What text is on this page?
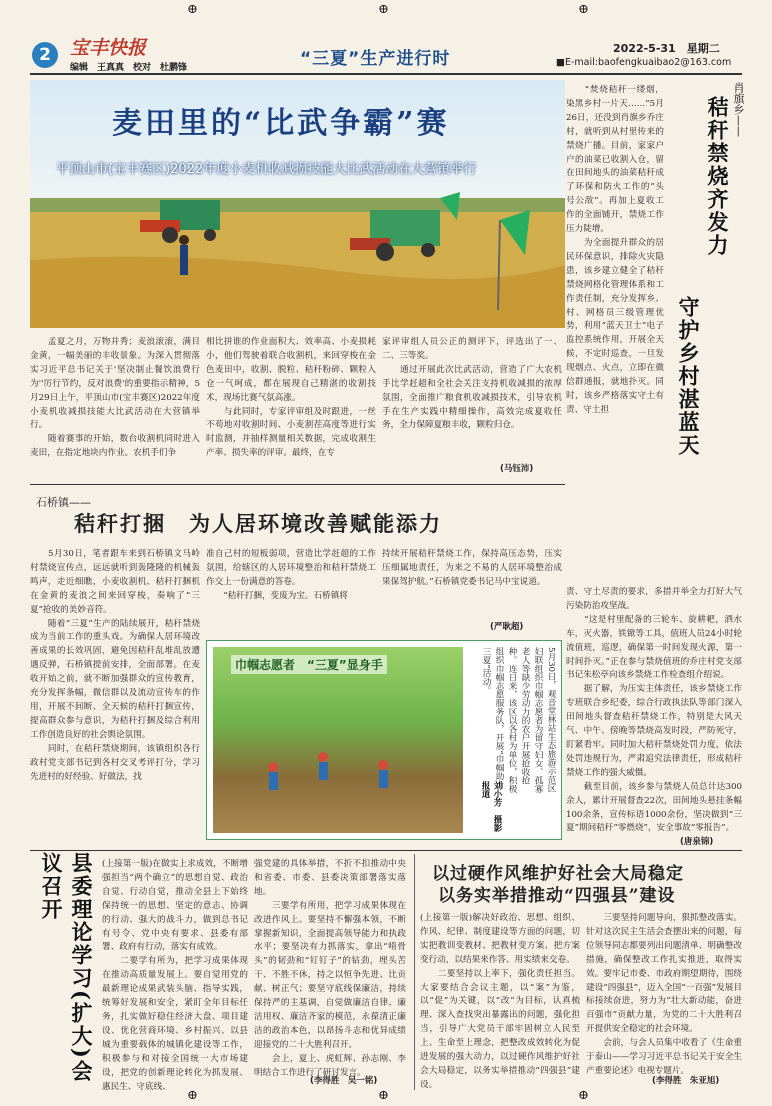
⊕	⊕	⊕
⊕	⊕	⊕
2	宝丰快报
编辑　王真真　校对　杜鹏锋	“三夏”生产进行时
2022-5-31　星期二
■E-mail:baofengkuaibao2@163.com
麦田里的“比武争霸”赛
平顶山市(宝丰赛区)2022年度小麦机收减损技能大比武活动在大营镇举行
　　孟夏之月，万物并秀；麦浪滚滚，满目金黄，一幅美丽的丰收景象。为深入贯彻落实习近平总书记关于'坚决制止餐饮浪费行为''厉行节约，反对浪费'的重要指示精神，5月29日上午，平顶山市(宝丰赛区)2022年度小麦机收减损技能大比武活动在大营镇举行。
　　随着赛事的开始，数台收割机同时进入麦田，在指定地块内作业。农机手们争
相比拼谁的作业面积大、效率高、小麦损耗小，他们驾驶着联合收割机，来回穿梭在金色麦田中，收割、脱粒、秸秆粉碎、颗粒入仓一气呵成，都在展现自己精湛的收割技术，现场比赛气氛高涨。
　　与此同时，专家评审组及时跟进，一丝不苟地对收割时间、小麦割茬高度等进行实时监测，并抽样测量相关数据，完成收割生产率、损失率的评审。最终，在专
家评审组人员公正的测评下，评选出了一、二、三等奖。
　　通过开展此次比武活动，营造了广大农机手比学赶超和全社会关注支持机收减损的浓厚氛围，全面推广粮食机收减损技术，引导农机手在生产实践中精细操作，高效完成夏收任务，全力保障夏粮丰收，颗粒归仓。
(马钰沛)
肖旗乡——
秸秆禁烧齐发力
守护乡村湛蓝天
　　“焚烧秸秆一缕烟，染黑乡村一片天……”5月26日，还没到肖旗乡乔庄村，就听到从村里传来的禁烧广播。目前，家家户户的油菜已收割入仓，留在田间地头的油菜秸秆成了环保和防火工作的“头号公敌”。再加上夏收工作的全面铺开，禁烧工作压力陡增。
　　为全面提升群众的居民环保意识，排除火灾隐患，该乡建立健全了秸秆禁烧网格化管理体系和工作责任制，充分发挥乡、村、网格员三级管理优势，利用“蓝天卫士”电子监控系统作用，开展全天候，不定时巡查，一旦发现烟点、火点，立即在微信群通报，就地扑灭。同时，该乡严格落实守土有责、守土担
责、守土尽责的要求，多措并举全力打好大气污染防治攻坚战。
　　“这是村里配备的三轮车、旋耕耙，洒水车，灭火器，铁锨等工具，值班人员24小时轮流值班，巡逻，确保第一时间发现火源，第一时间扑灭。”正在参与禁烧值班的乔庄村党支部书记朱松亭向该乡禁烧工作检查组介绍说。
　　据了解，为压实主体责任，该乡禁烧工作专班联合乡纪委，综合行政执法队等部门深入田间地头督查秸秆禁烧工作，特别是大风天气、中午、傍晚等禁烧高发时段，严防死守，盯紧看牢。同时加大秸秆禁烧处罚力度，依法处罚违规行为，严肃追究法律责任，形成秸秆禁烧工作的强大威慑。
　　截至目前，该乡参与禁烧人员总计达300余人，累计开展督查22次，田间地头悬挂条幅100余条，宣传标语1000余份，坚决做到“三夏”期间秸秆“零燃烧”，安全事故“零报告”。
(唐泉锦)
石桥镇——
秸秆打捆　为人居环境改善赋能添力
　　5月30日，笔者跟车来到石桥镇文马岭村禁烧宣传点，远远就听到轰隆隆的机械轰鸣声，走近细瞧，小麦收割机、秸秆打捆机在金黄的麦浪之间来回穿梭，奏响了“三夏”抢收的美妙音符。
　　随着“三夏”生产的陆续展开，秸秆禁烧成为当前工作的重头戏。为确保人居环境改善成果的长效巩固，避免因秸秆乱堆乱放遭遇反弹，石桥镇提前安排，全面部署。在麦收开始之前，就不断加强群众的宣传教育，充分发挥条幅，微信群以及流动宣传车的作用，开展不间断、全天候的秸秆打捆宣传，提高群众参与意识，为秸秆打捆及综合利用工作创造良好的社会舆论氛围。
　　同时，在秸秆禁烧期间，该镇组织各行政村党支部书记到各村交叉考评打分，学习先进村的好经验、好做法，找
准自己村的短板弱项，营造比学赶超的工作氛围，给辖区的人居环境整治和秸秆禁烧工作交上一份满意的答卷。
　　“秸秆打捆，变废为宝。石桥镇将
持续开展秸秆禁烧工作，保持高压态势，压实压细属地责任，为来之不易的人居环境整治成果保驾护航。”石桥镇党委书记马中宝说道。
(严耿超)
巾帼志愿者　“三夏”显身手	5月30日，观音堂林站生态旅游示范区妇联组织巾帼志愿者为留守妇女、孤寡老人等缺少劳动力的农户开展抢收抢种。连日来，该区以各村为单位，积极组织巾帼志愿服务队，开展“巾帼助力三夏”活动。
刘小芳　摄影报道
县委理论学习(扩大)会议召开	(上接第一版)在做实上求成效，不断增强担当“两个确立”的思想自觉、政治自觉、行动自觉，推动全县上下始终保持统一的思想、坚定的意志、协调的行动、强大的战斗力，做到总书记有号令、党中央有要求、县委有部署、政府有行动，落实有成效。
　　二要学有所为，把学习成果体现在推动高质量发展上。要自觉用党的最新理论成果武装头脑、指导实践，统筹好发展和安全，紧盯全年目标任务，扎实做好稳住经济大盘、项目建设、优化营商环境、乡村振兴、以县城为重要载体的城镇化建设等工作，积极参与和对接全国统一大市场建设，把党的创新理论转化为抓发展、惠民生、守底线、
强党建的具体举措，不折不扣推动中央和省委、市委、县委决策部署落实落地。
　　三要学有所用，把学习成果体现在改进作风上。要坚持不懈强本领，不断掌握新知识，全面提高领导能力和执政水平；要坚决有力抓落实，拿出“啃骨头”的韧劲和“钉钉子”的钻劲，埋头苦干、不胜不休，持之以恒争先进、比贡献、树正气；要坚守底线保廉洁，持续保持严的主基调，自觉做廉洁自律、廉洁用权、廉洁齐家的模范，永葆清正廉洁的政治本色，以昂扬斗志和优异成绩迎接党的二十大胜利召开。
　　会上，夏上、虎虹辉、孙志刚、李明结合工作进行了研讨发言。
(李得胜　吴一铭)
以过硬作风维护好社会大局稳定
以务实举措推动“四强县”建设
(上接第一版)解决好政治、思想、组织、作风、纪律、制度建设等方面的问题，切实把教训变教材、把教材变方案、把方案变行动，以结果来作答、用实绩来交卷。
　　二要坚持以上率下，强化责任担当。大家要结合会议主题，以“案”为鉴，以“促”为关键，以“改”为目标，认真梳理、深入查找突出暴露出的问题，强化担当，引导广大党员干部牢固树立人民至上、生命至上理念，把整改成效转化为促进发展的强大动力，以过硬作风维护好社会大局稳定，以务实举措推动“四强县”建设。
　　三要坚持问题导向，狠抓整改落实。针对这次民主生活会查摆出来的问题，每位领导同志都要列出问题清单、明确整改措施，确保整改工作扎实推进，取得实效。要牢记市委、市政府期望期待，围绕建设“四强县”，迈入全国“一百强”发展目标接续奋进，努力为“壮大新动能，奋进百强市”贡献力量，为党的二十大胜利召开提供安全稳定的社会环境。
　　会前，与会人员集中收看了《生命重于泰山——学习习近平总书记关于安全生产重要论述》电视专题片。
(李得胜　朱亚旭)
